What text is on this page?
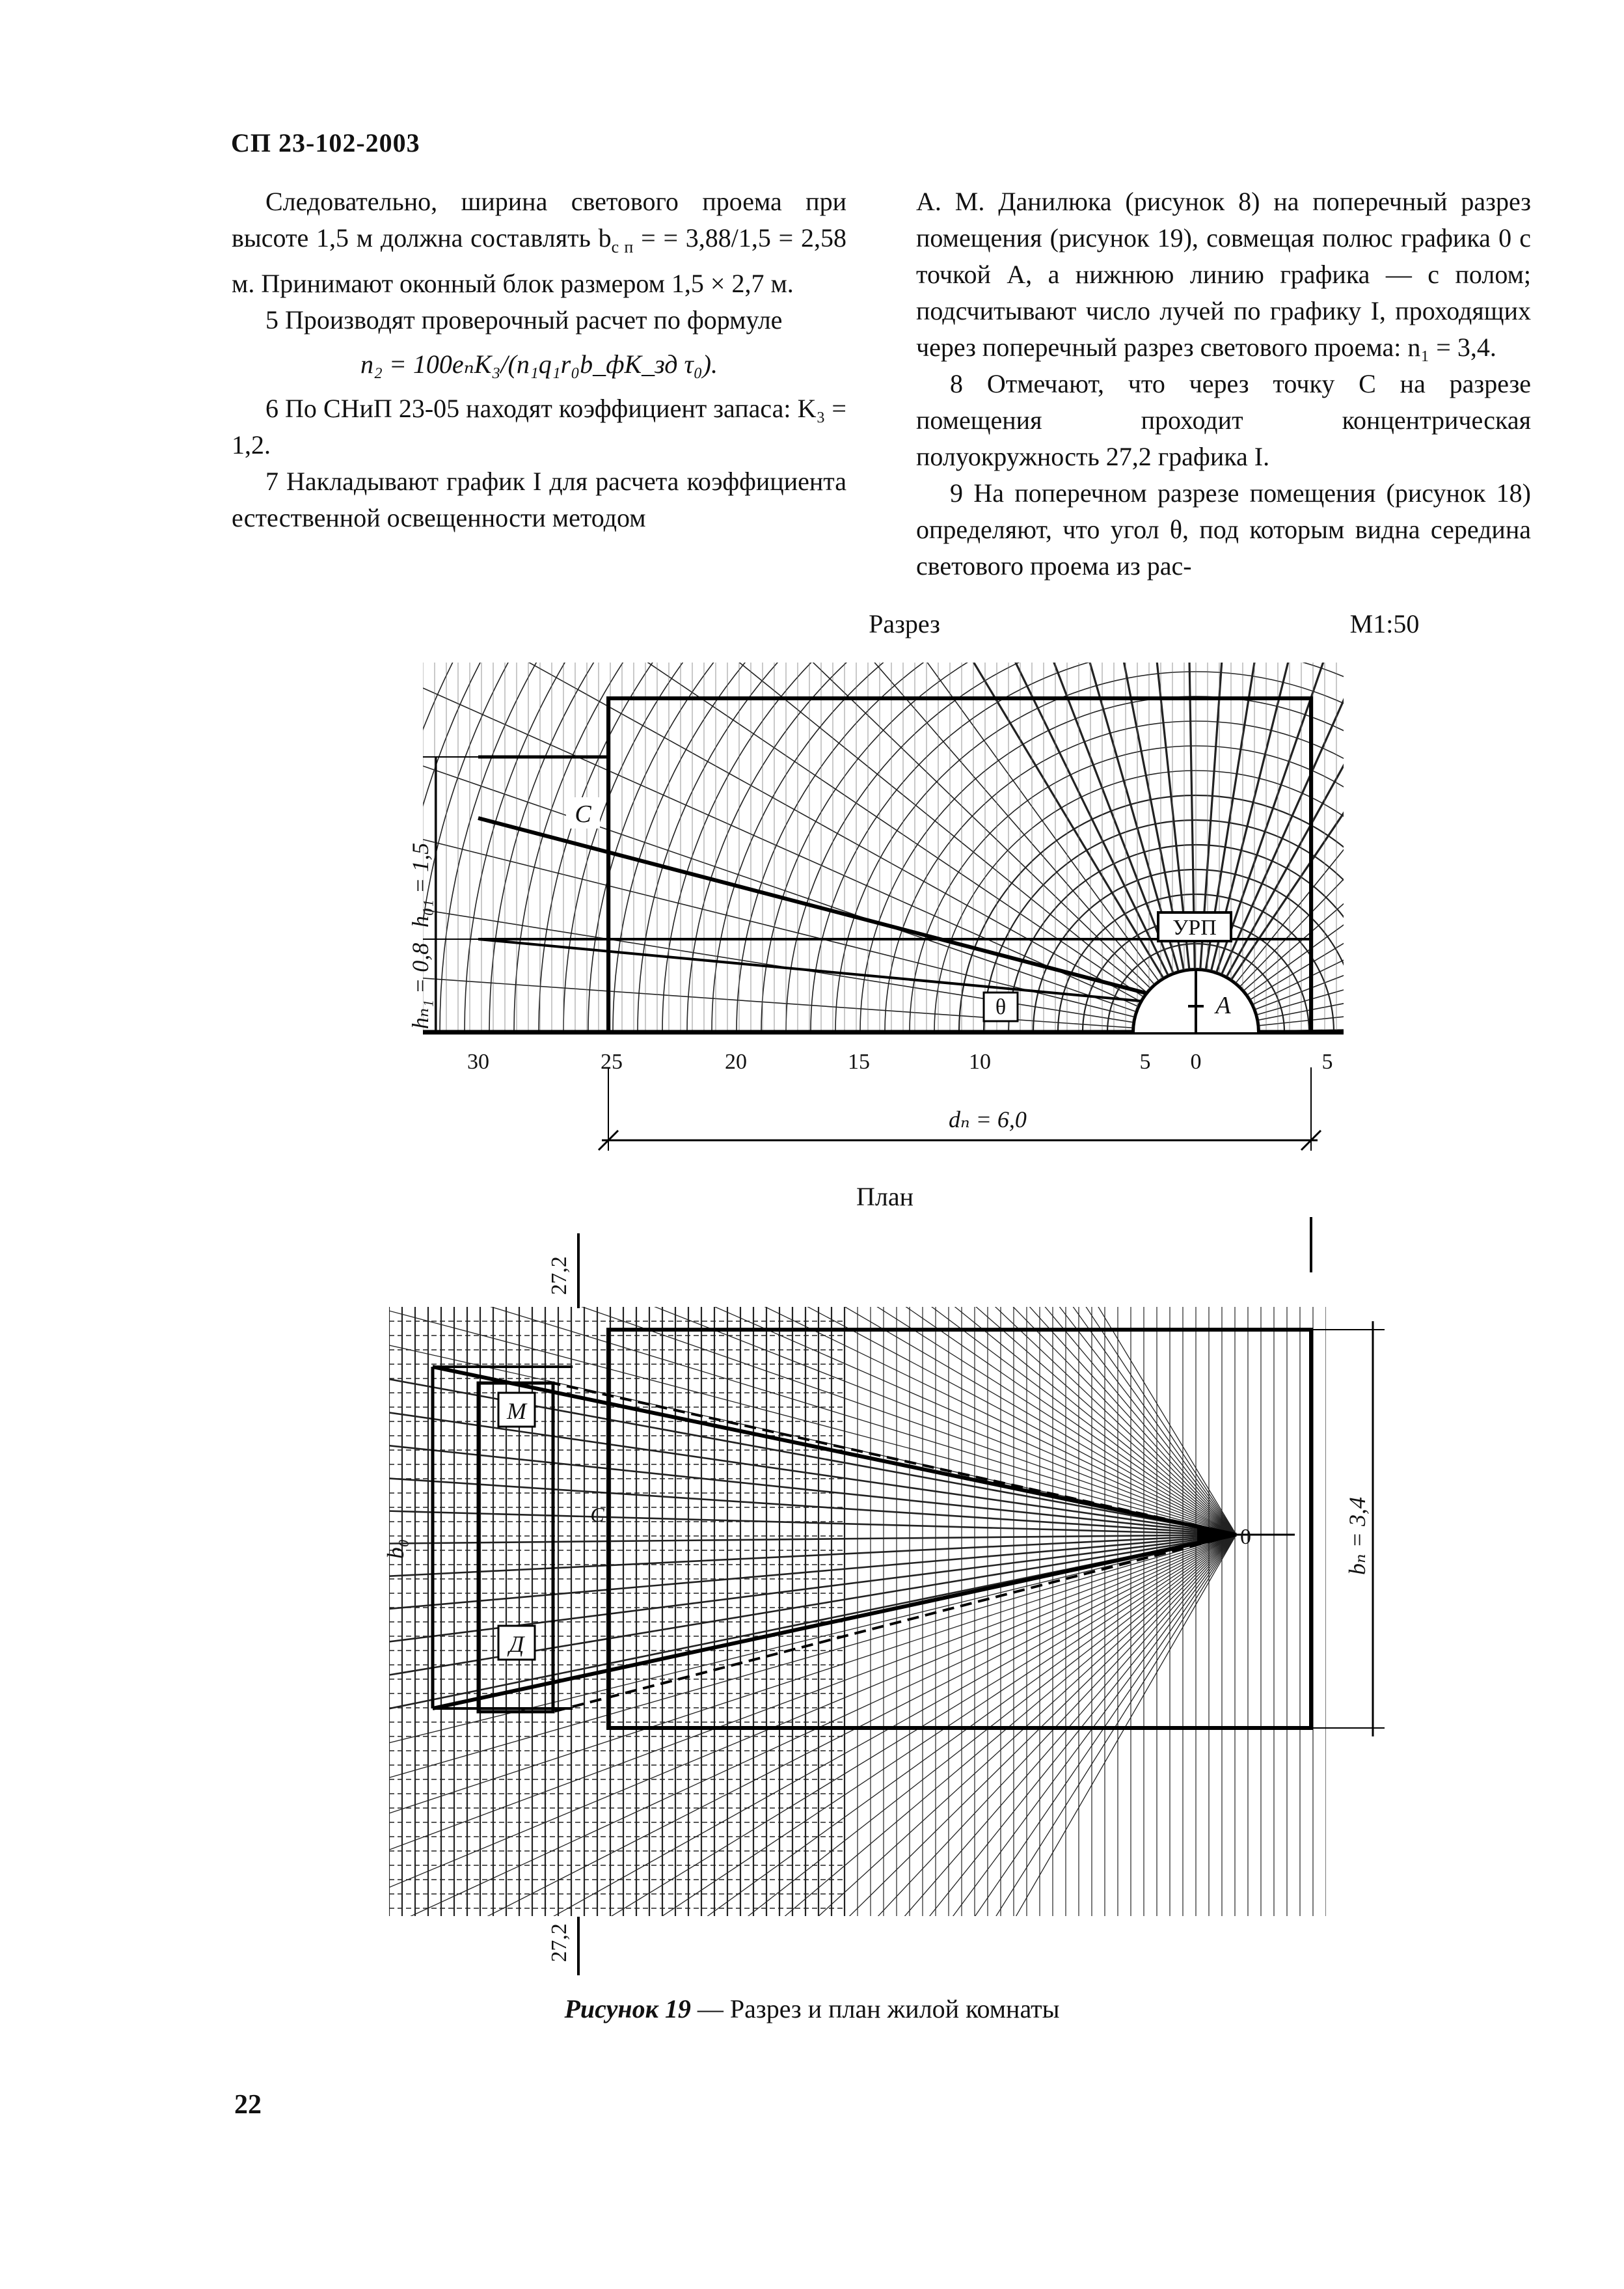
СП 23-102-2003

Следовательно, ширина светового проема при высоте 1,5 м должна составлять $b_{с п}$ = = 3,88/1,5 = 2,58 м. Принимают оконный блок размером 1,5 × 2,7 м.

5 Производят проверочный расчет по формуле

n₂ = 100eₙK₃/(n₁q₁r₀b_фK_зд τ₀).

6 По СНиП 23-05 находят коэффициент запаса: K₃ = 1,2.

7 Накладывают график I для расчета коэффициента естественной освещенности методом

А. М. Данилюка (рисунок 8) на поперечный разрез помещения (рисунок 19), совмещая полюс графика 0 с точкой A, а нижнюю линию графика — с полом; подсчитывают число лучей по графику I, проходящих через поперечный разрез светового проема: n₁ = 3,4.

8 Отмечают, что через точку C на разрезе помещения проходит концентрическая полуокружность 27,2 графика I.

9 На поперечном разрезе помещения (рисунок 18) определяют, что угол θ, под которым видна середина светового проема из рас-

Разрез	M1:50
h₀₁ = 1,5
hₙ₁ = 0,8
C
A
θ
УРП
30	25	20	15	10	5 0	5
dₙ = 6,0
План
27,2
27,2
M
Д
C
0
b₀	bₙ = 3,4
Рисунок 19 — Разрез и план жилой комнаты
22
